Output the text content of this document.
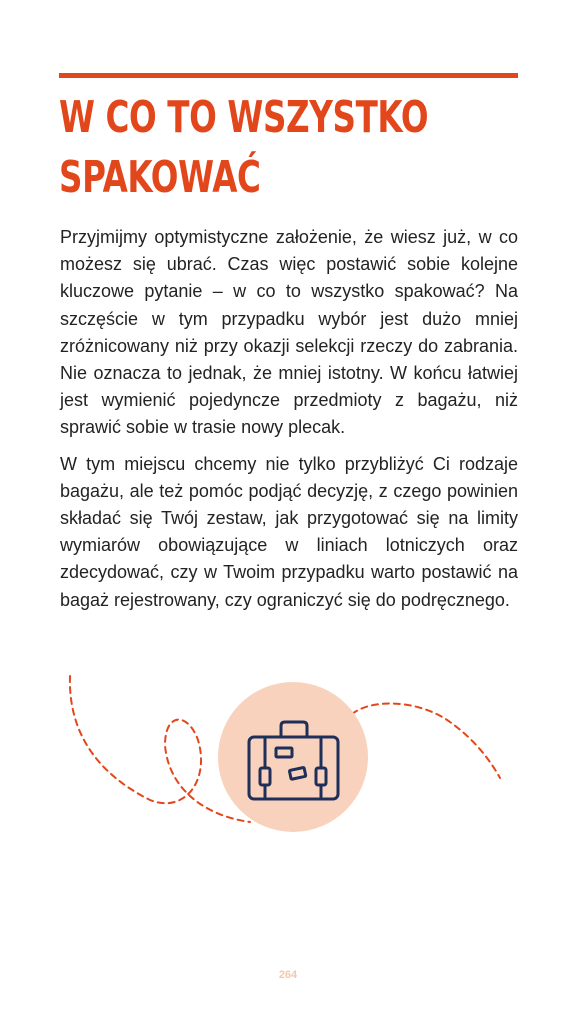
W CO TO WSZYSTKO
SPAKOWAĆ

Przyjmijmy optymistyczne założenie, że wiesz już, w co możesz się ubrać. Czas więc postawić sobie kolejne kluczowe pytanie – w co to wszystko spakować? Na szczęście w tym przypadku wybór jest dużo mniej zróżnicowany niż przy okazji selekcji rzeczy do zabrania. Nie oznacza to jednak, że mniej istotny. W końcu łatwiej jest wymienić pojedyncze przedmioty z bagażu, niż sprawić sobie w trasie nowy plecak.

W tym miejscu chcemy nie tylko przybliżyć Ci rodzaje bagażu, ale też pomóc podjąć decyzję, z czego powinien składać się Twój zestaw, jak przygotować się na limity wymiarów obowiązujące w liniach lotniczych oraz zdecydować, czy w Twoim przypadku warto postawić na bagaż rejestrowany, czy ograniczyć się do podręcznego.

264
